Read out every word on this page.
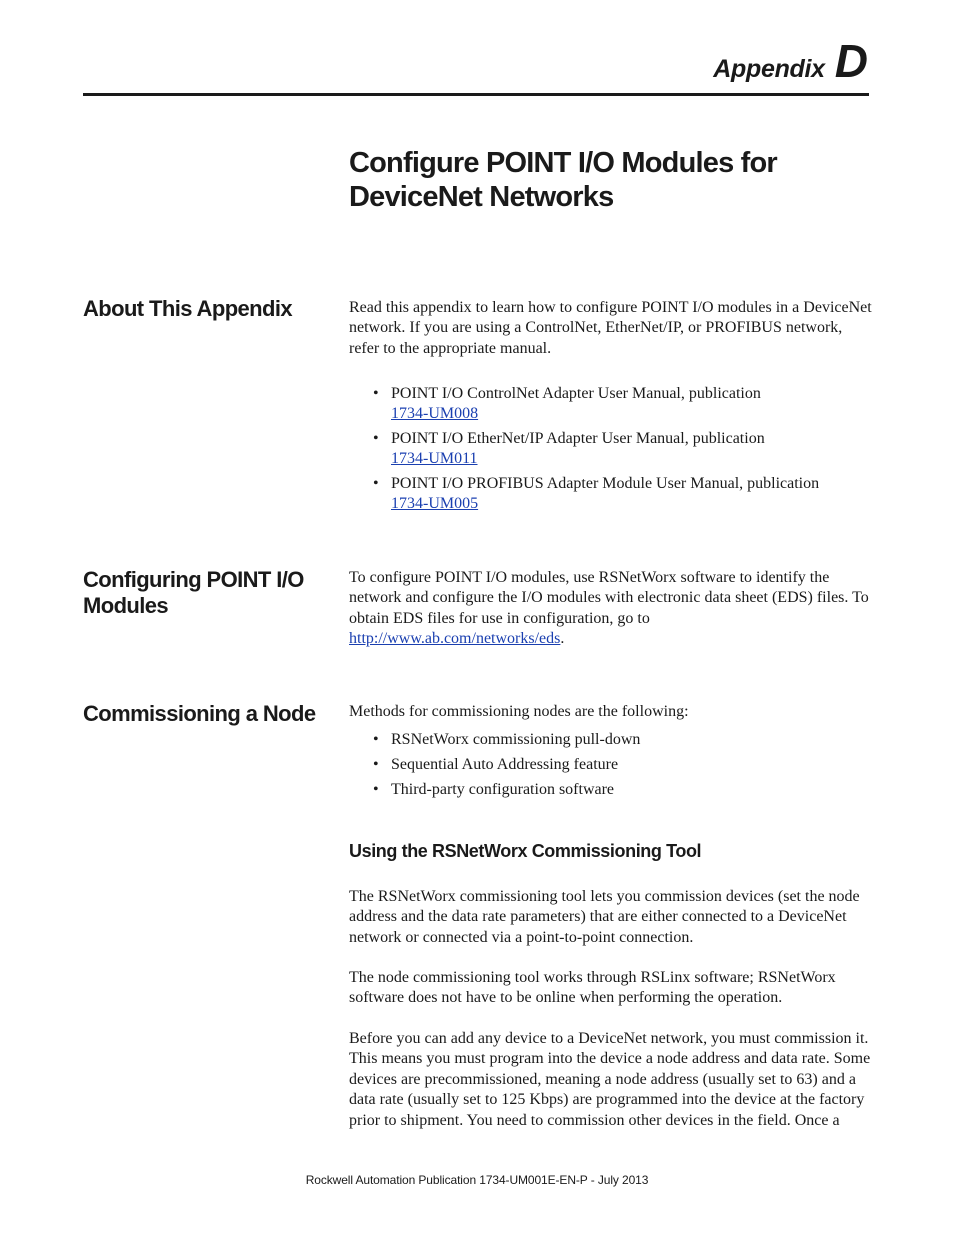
Appendix D
Configure POINT I/O Modules for DeviceNet Networks
About This Appendix	Read this appendix to learn how to configure POINT I/O modules in a DeviceNet network. If you are using a ControlNet, EtherNet/IP, or PROFIBUS network, refer to the appropriate manual.

• POINT I/O ControlNet Adapter User Manual, publication
1734-UM008
• POINT I/O EtherNet/IP Adapter User Manual, publication
1734-UM011
• POINT I/O PROFIBUS Adapter Module User Manual, publication
1734-UM005
Configuring POINT I/O Modules

To configure POINT I/O modules, use RSNetWorx software to identify the network and configure the I/O modules with electronic data sheet (EDS) files. To obtain EDS files for use in configuration, go to
http://www.ab.com/networks/eds.

Commissioning a Node	Methods for commissioning nodes are the following:

• RSNetWorx commissioning pull-down
• Sequential Auto Addressing feature
• Third-party configuration software
Using the RSNetWorx Commissioning Tool

The RSNetWorx commissioning tool lets you commission devices (set the node address and the data rate parameters) that are either connected to a DeviceNet network or connected via a point-to-point connection.

The node commissioning tool works through RSLinx software; RSNetWorx software does not have to be online when performing the operation.

Before you can add any device to a DeviceNet network, you must commission it. This means you must program into the device a node address and data rate. Some devices are precommissioned, meaning a node address (usually set to 63) and a data rate (usually set to 125 Kbps) are programmed into the device at the factory prior to shipment. You need to commission other devices in the field. Once a

Rockwell Automation Publication 1734-UM001E-EN-P - July 2013
